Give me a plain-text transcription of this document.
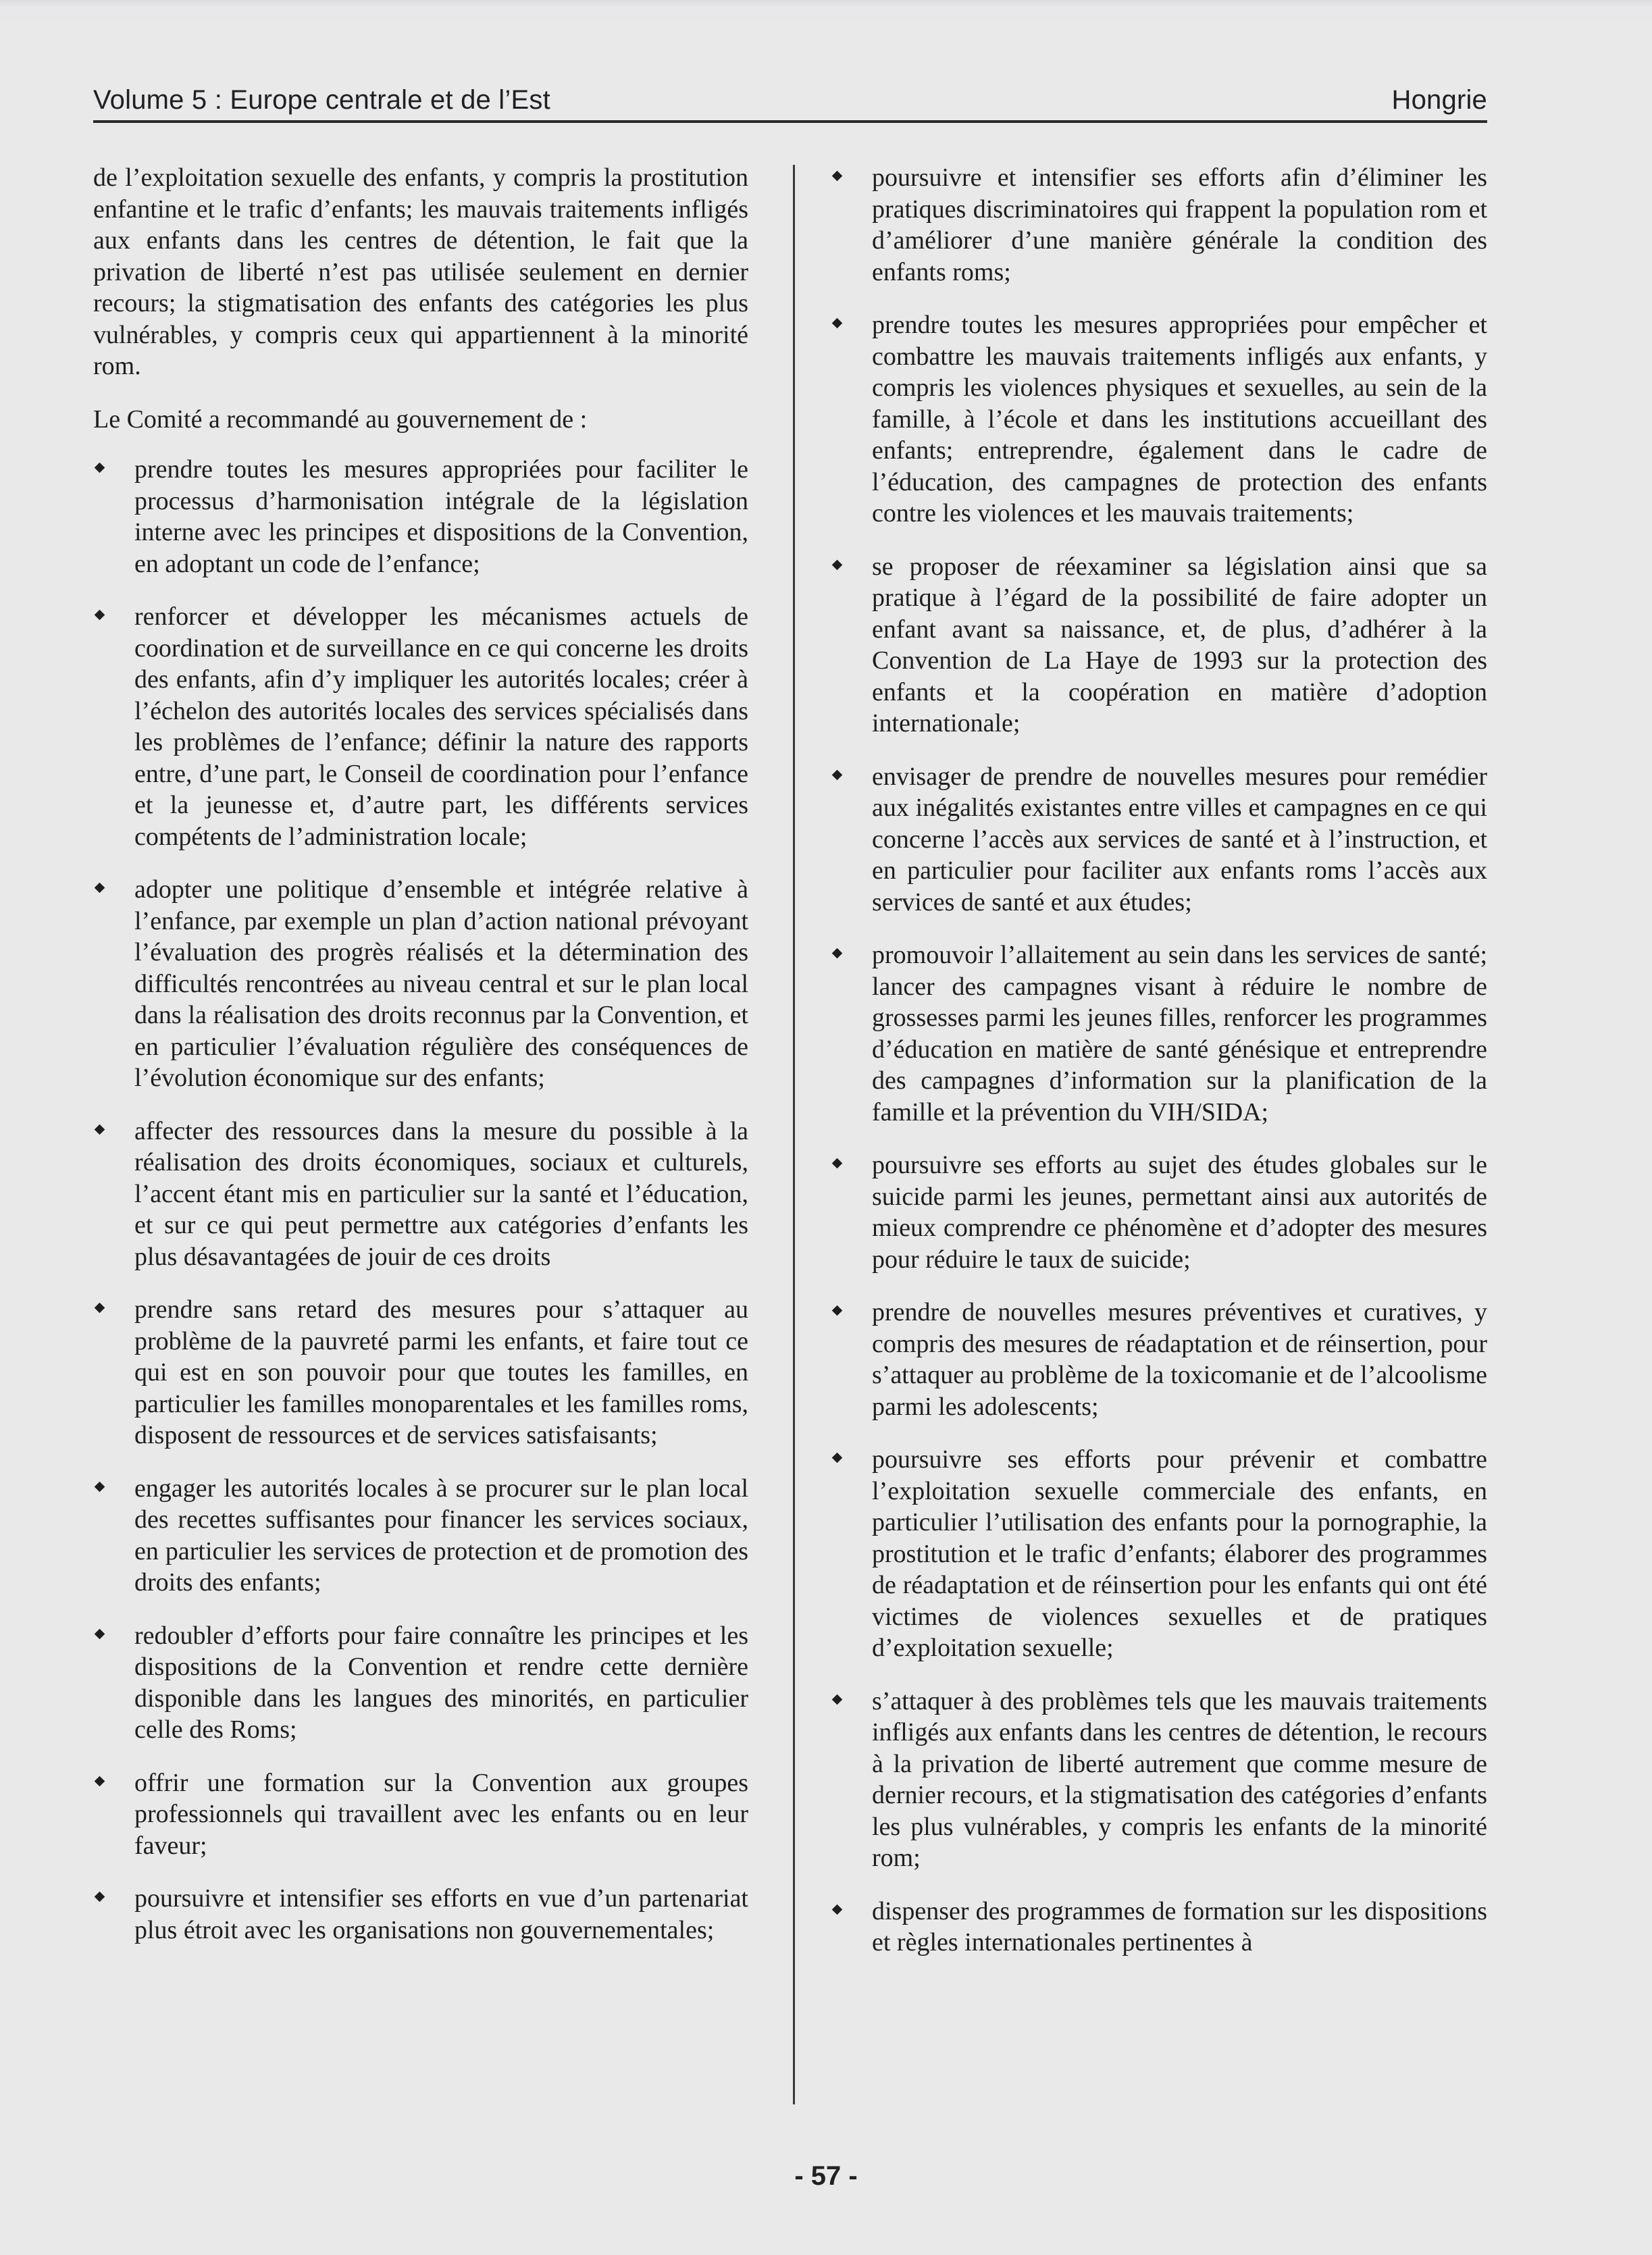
Volume 5 : Europe centrale et de l’Est	Hongrie

de l’exploitation sexuelle des enfants, y compris la prostitution enfantine et le trafic d’enfants; les mauvais traitements infligés aux enfants dans les centres de détention, le fait que la privation de liberté n’est pas utilisée seulement en dernier recours; la stigmatisation des enfants des catégories les plus vulnérables, y compris ceux qui appartiennent à la minorité rom.

Le Comité a recommandé au gouvernement de :

prendre toutes les mesures appropriées pour faciliter le processus d’harmonisation intégrale de la législation interne avec les principes et dispositions de la Convention, en adoptant un code de l’enfance;
renforcer et développer les mécanismes actuels de coordination et de surveillance en ce qui concerne les droits des enfants, afin d’y impliquer les autorités locales; créer à l’échelon des autorités locales des services spécialisés dans les problèmes de l’enfance; définir la nature des rapports entre, d’une part, le Conseil de coordination pour l’enfance et la jeunesse et, d’autre part, les différents services compétents de l’administration locale;
adopter une politique d’ensemble et intégrée relative à l’enfance, par exemple un plan d’action national prévoyant l’évaluation des progrès réalisés et la détermination des difficultés rencontrées au niveau central et sur le plan local dans la réalisation des droits reconnus par la Convention, et en particulier l’évaluation régulière des conséquences de l’évolution économique sur des enfants;
affecter des ressources dans la mesure du possible à la réalisation des droits économiques, sociaux et culturels, l’accent étant mis en particulier sur la santé et l’éducation, et sur ce qui peut permettre aux catégories d’enfants les plus désavantagées de jouir de ces droits
prendre sans retard des mesures pour s’attaquer au problème de la pauvreté parmi les enfants, et faire tout ce qui est en son pouvoir pour que toutes les familles, en particulier les familles monoparentales et les familles roms, disposent de ressources et de services satisfaisants;
engager les autorités locales à se procurer sur le plan local des recettes suffisantes pour financer les services sociaux, en particulier les services de protection et de promotion des droits des enfants;
redoubler d’efforts pour faire connaître les principes et les dispositions de la Convention et rendre cette dernière disponible dans les langues des minorités, en particulier celle des Roms;
offrir une formation sur la Convention aux groupes professionnels qui travaillent avec les enfants ou en leur faveur;
poursuivre et intensifier ses efforts en vue d’un partenariat plus étroit avec les organisations non gouvernementales;
poursuivre et intensifier ses efforts afin d’éliminer les pratiques discriminatoires qui frappent la population rom et d’améliorer d’une manière générale la condition des enfants roms;
prendre toutes les mesures appropriées pour empêcher et combattre les mauvais traitements infligés aux enfants, y compris les violences physiques et sexuelles, au sein de la famille, à l’école et dans les institutions accueillant des enfants; entreprendre, également dans le cadre de l’éducation, des campagnes de protection des enfants contre les violences et les mauvais traitements;
se proposer de réexaminer sa législation ainsi que sa pratique à l’égard de la possibilité de faire adopter un enfant avant sa naissance, et, de plus, d’adhérer à la Convention de La Haye de 1993 sur la protection des enfants et la coopération en matière d’adoption internationale;
envisager de prendre de nouvelles mesures pour remédier aux inégalités existantes entre villes et campagnes en ce qui concerne l’accès aux services de santé et à l’instruction, et en particulier pour faciliter aux enfants roms l’accès aux services de santé et aux études;
promouvoir l’allaitement au sein dans les services de santé; lancer des campagnes visant à réduire le nombre de grossesses parmi les jeunes filles, renforcer les programmes d’éducation en matière de santé génésique et entreprendre des campagnes d’information sur la planification de la famille et la prévention du VIH/SIDA;
poursuivre ses efforts au sujet des études globales sur le suicide parmi les jeunes, permettant ainsi aux autorités de mieux comprendre ce phénomène et d’adopter des mesures pour réduire le taux de suicide;
prendre de nouvelles mesures préventives et curatives, y compris des mesures de réadaptation et de réinsertion, pour s’attaquer au problème de la toxicomanie et de l’alcoolisme parmi les adolescents;
poursuivre ses efforts pour prévenir et combattre l’exploitation sexuelle commerciale des enfants, en particulier l’utilisation des enfants pour la pornographie, la prostitution et le trafic d’enfants; élaborer des programmes de réadaptation et de réinsertion pour les enfants qui ont été victimes de violences sexuelles et de pratiques d’exploitation sexuelle;
s’attaquer à des problèmes tels que les mauvais traitements infligés aux enfants dans les centres de détention, le recours à la privation de liberté autrement que comme mesure de dernier recours, et la stigmatisation des catégories d’enfants les plus vulnérables, y compris les enfants de la minorité rom;
dispenser des programmes de formation sur les dispositions et règles internationales pertinentes à
- 57 -
